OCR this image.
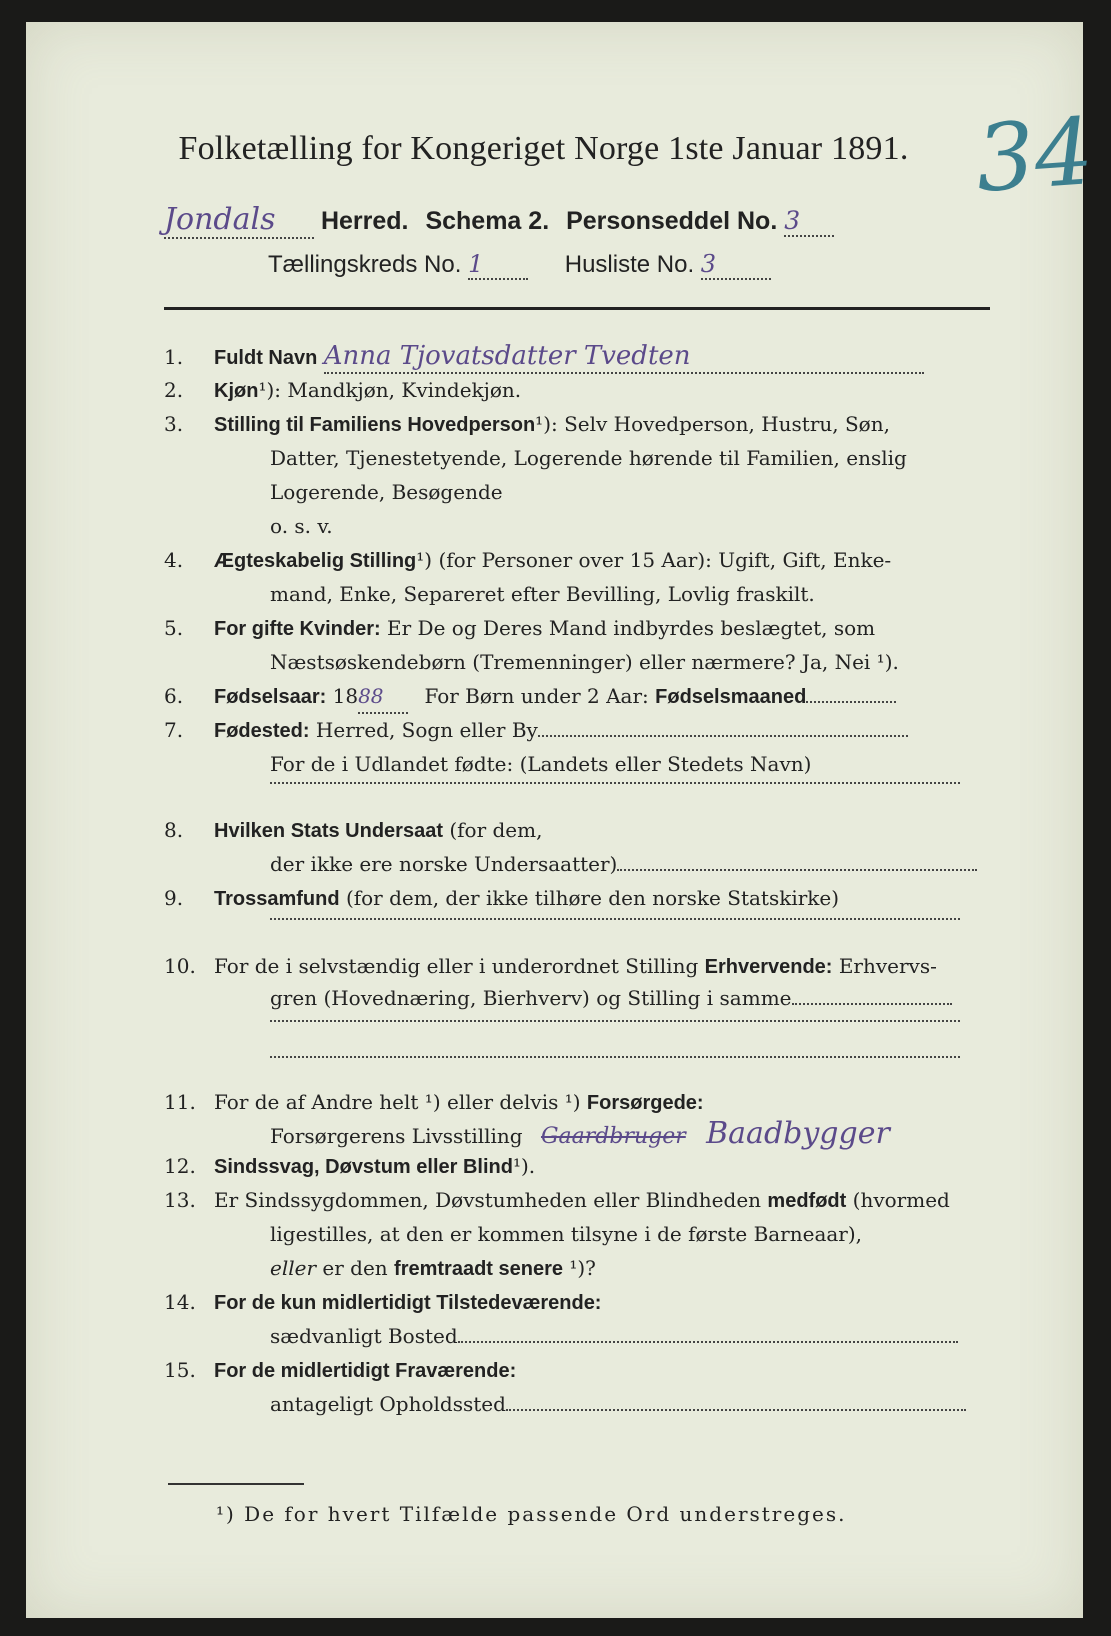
Folketælling for Kongeriget Norge 1ste Januar 1891. 34
Jondals Herred. Schema 2. Personseddel No. 3
Tællingskreds No. 1	Husliste No. 3
1. Fuldt Navn Anna Tjovatsdatter Tvedten
2. Kjøn¹): Mandkjøn, Kvindekjøn.
3. Stilling til Familiens Hovedperson¹): Selv Hovedperson, Hustru, Søn,
Datter, Tjenestetyende, Logerende hørende til Familien, enslig
Logerende, Besøgende
o. s. v.
4. Ægteskabelig Stilling¹) (for Personer over 15 Aar): Ugift, Gift, Enke-
mand, Enke, Separeret efter Bevilling, Lovlig fraskilt.
5. For gifte Kvinder: Er De og Deres Mand indbyrdes beslægtet, som
Næstsøskendebørn (Tremenninger) eller nærmere? Ja, Nei ¹).
6. Fødselsaar: 1888 For Børn under 2 Aar: Fødselsmaaned
7. Fødested: Herred, Sogn eller By
For de i Udlandet fødte: (Landets eller Stedets Navn)
8. Hvilken Stats Undersaat (for dem,
der ikke ere norske Undersaatter)
9. Trossamfund (for dem, der ikke tilhøre den norske Statskirke)
10. For de i selvstændig eller i underordnet Stilling Erhvervende: Erhvervs-
gren (Hovednæring, Bierhverv) og Stilling i samme
11. For de af Andre helt ¹) eller delvis ¹) Forsørgede:
Forsørgerens Livsstilling Gaardbruger Baadbygger
12. Sindssvag, Døvstum eller Blind¹).
13. Er Sindssygdommen, Døvstumheden eller Blindheden medfødt (hvormed
ligestilles, at den er kommen tilsyne i de første Barneaar),
eller er den fremtraadt senere ¹)?
14. For de kun midlertidigt Tilstedeværende:
sædvanligt Bosted
15. For de midlertidigt Fraværende:
antageligt Opholdssted
¹) De for hvert Tilfælde passende Ord understreges.
